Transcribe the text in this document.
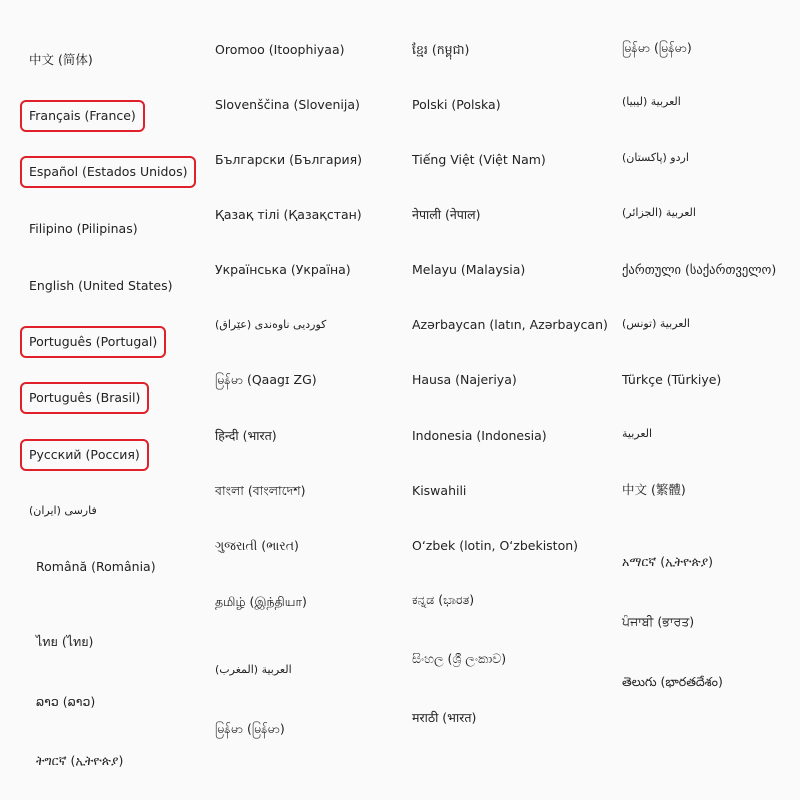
中文 (简体)
Français (France)
Español (Estados Unidos)
Filipino (Pilipinas)
English (United States)
Português (Portugal)
Português (Brasil)
Русский (Россия)
فارسی (ایران)
Română (România)
ไทย (ไทย)
ລາວ (ລາວ)
ትግርኛ (ኢትዮጵያ)
Oromoo (Itoophiyaa)
Slovenščina (Slovenija)
Български (България)
Қазақ тілі (Қазақстан)
Українська (Україна)
کوردیی ناوەندی (عێراق)
မြန်မာ (Qaagɪ ZG)
हिन्दी (भारत)
বাংলা (বাংলাদেশ)
ગુજરાતી (ભારત)
தமிழ் (இந்தியா)
العربية (المغرب)
မြန်မာ (မြန်မာ)
ខ្មែរ (កម្ពុជា)
Polski (Polska)
Tiếng Việt (Việt Nam)
नेपाली (नेपाल)
Melayu (Malaysia)
Azərbaycan (latın, Azərbaycan)
Hausa (Najeriya)
Indonesia (Indonesia)
Kiswahili
O‘zbek (lotin, O‘zbekiston)
ಕನ್ನಡ (ಭಾರತ)
සිංහල (ශ්‍රී ලංකාව)
मराठी (भारत)
မြန်မာ (မြန်မာ)
العربية (ليبيا)
اردو (پاکستان)
العربية (الجزائر)
ქართული (საქართველო)
العربية (تونس)
Türkçe (Türkiye)
العربية
中文 (繁體)
አማርኛ (ኢትዮጵያ)
ਪੰਜਾਬੀ (ਭਾਰਤ)
తెలుగు (భారతదేశం)
